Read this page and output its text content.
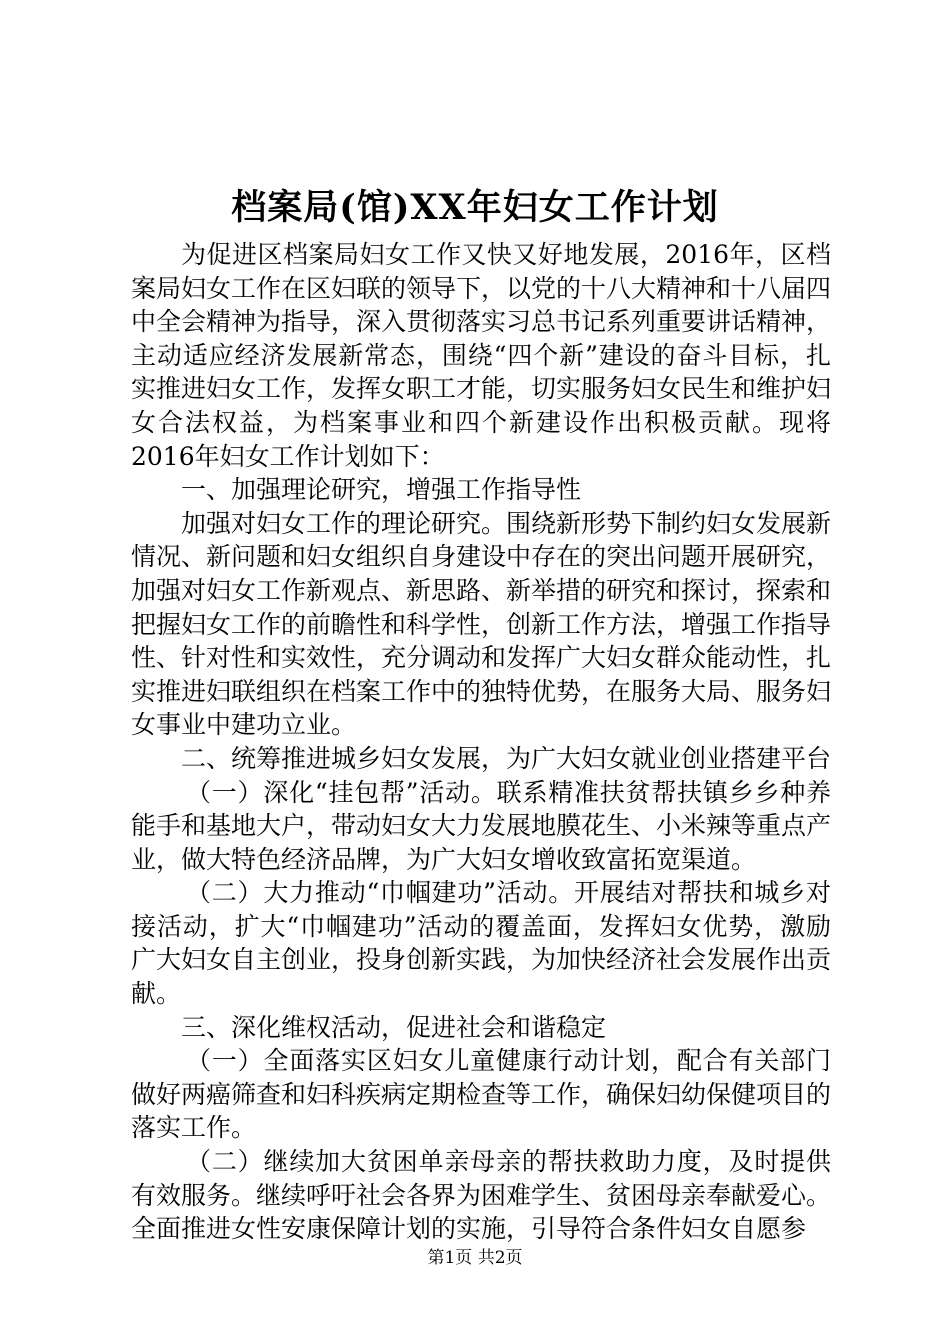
档案局(馆)XX年妇女工作计划

为促进区档案局妇女工作又快又好地发展，2016年，区档案局妇女工作在区妇联的领导下，以党的十八大精神和十八届四中全会精神为指导，深入贯彻落实习总书记系列重要讲话精神，主动适应经济发展新常态，围绕“四个新”建设的奋斗目标，扎实推进妇女工作，发挥女职工才能，切实服务妇女民生和维护妇女合法权益，为档案事业和四个新建设作出积极贡献。现将2016年妇女工作计划如下：

一、加强理论研究，增强工作指导性

加强对妇女工作的理论研究。围绕新形势下制约妇女发展新情况、新问题和妇女组织自身建设中存在的突出问题开展研究，加强对妇女工作新观点、新思路、新举措的研究和探讨，探索和把握妇女工作的前瞻性和科学性，创新工作方法，增强工作指导性、针对性和实效性，充分调动和发挥广大妇女群众能动性，扎实推进妇联组织在档案工作中的独特优势，在服务大局、服务妇女事业中建功立业。

二、统筹推进城乡妇女发展，为广大妇女就业创业搭建平台

（一）深化“挂包帮”活动。联系精准扶贫帮扶镇乡乡种养能手和基地大户，带动妇女大力发展地膜花生、小米辣等重点产业，做大特色经济品牌，为广大妇女增收致富拓宽渠道。

（二）大力推动“巾帼建功”活动。开展结对帮扶和城乡对接活动，扩大“巾帼建功”活动的覆盖面，发挥妇女优势，激励广大妇女自主创业，投身创新实践，为加快经济社会发展作出贡献。

三、深化维权活动，促进社会和谐稳定

（一）全面落实区妇女儿童健康行动计划，配合有关部门做好两癌筛查和妇科疾病定期检查等工作，确保妇幼保健项目的落实工作。

（二）继续加大贫困单亲母亲的帮扶救助力度，及时提供有效服务。继续呼吁社会各界为困难学生、贫困母亲奉献爱心。全面推进女性安康保障计划的实施，引导符合条件妇女自愿参

第1页 共2页
